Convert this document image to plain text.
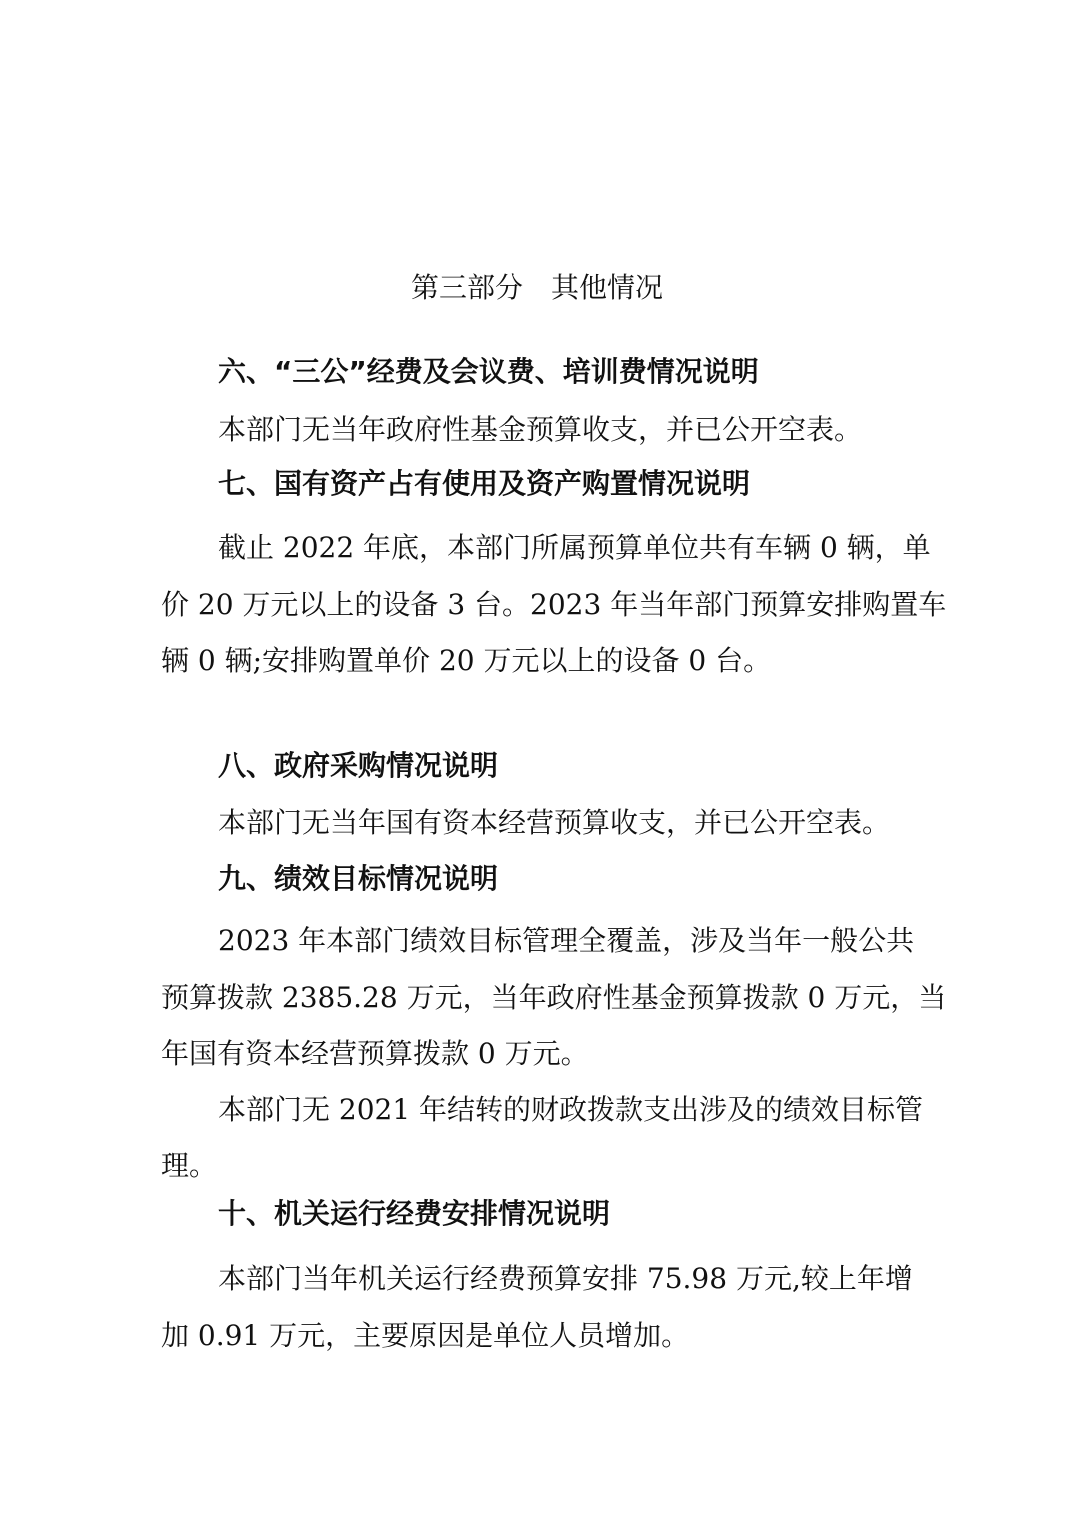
第三部分　其他情况
六、“三公”经费及会议费、培训费情况说明
本部门无当年政府性基金预算收支，并已公开空表。
七、国有资产占有使用及资产购置情况说明
截止 2022 年底，本部门所属预算单位共有车辆 0 辆，单
价 20 万元以上的设备 3 台。2023 年当年部门预算安排购置车
辆 0 辆;安排购置单价 20 万元以上的设备 0 台。
八、政府采购情况说明
本部门无当年国有资本经营预算收支，并已公开空表。
九、绩效目标情况说明
2023 年本部门绩效目标管理全覆盖，涉及当年一般公共
预算拨款 2385.28 万元，当年政府性基金预算拨款 0 万元，当
年国有资本经营预算拨款 0 万元。
本部门无 2021 年结转的财政拨款支出涉及的绩效目标管
理。
十、机关运行经费安排情况说明
本部门当年机关运行经费预算安排 75.98 万元,较上年增
加 0.91 万元，主要原因是单位人员增加。
